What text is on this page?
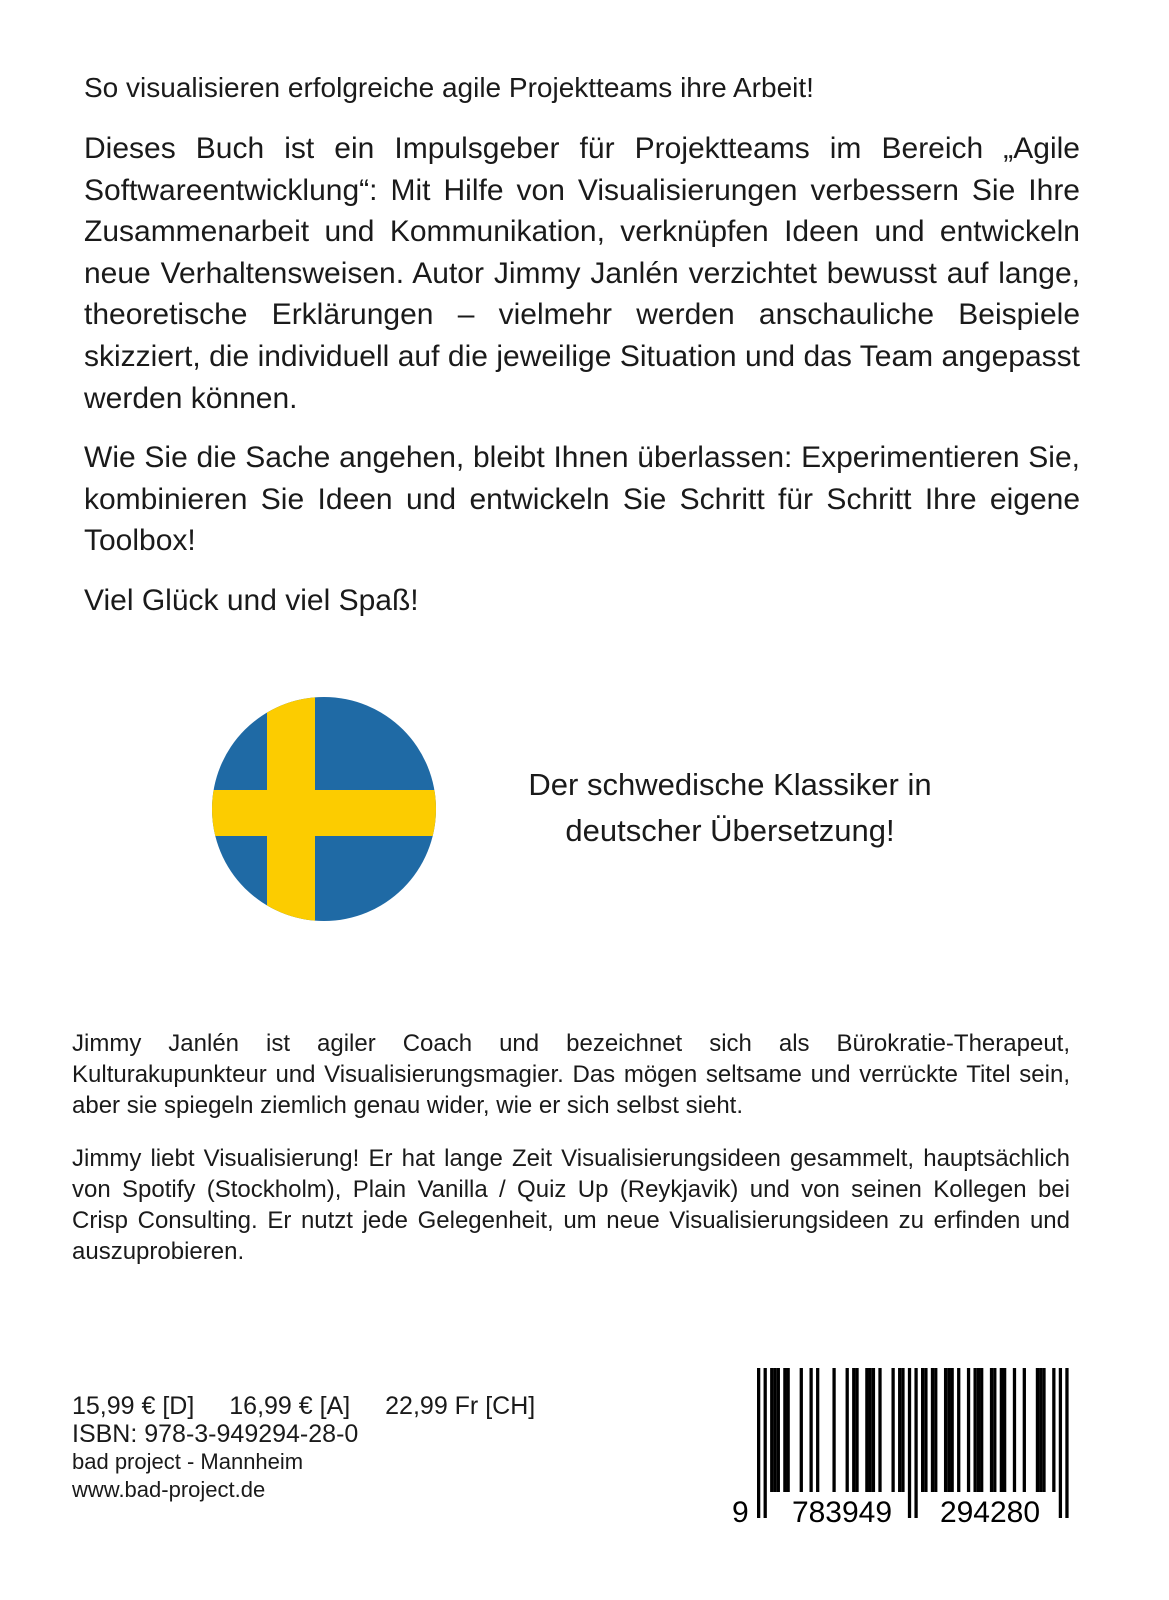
So visualisieren erfolgreiche agile Projektteams ihre Arbeit!

Dieses Buch ist ein Impulsgeber für Projektteams im Bereich „Agile Softwareentwicklung“: Mit Hilfe von Visualisierungen verbessern Sie Ihre Zusammenarbeit und Kommunikation, verknüpfen Ideen und entwickeln neue Verhaltensweisen. Autor Jimmy Janlén verzichtet bewusst auf lange, theoretische Erklärungen – vielmehr werden anschauliche Beispiele skizziert, die individuell auf die jeweilige Situation und das Team angepasst werden können.

Wie Sie die Sache angehen, bleibt Ihnen überlassen: Experimentieren Sie, kombinieren Sie Ideen und entwickeln Sie Schritt für Schritt Ihre eigene Toolbox!

Viel Glück und viel Spaß!

Der schwedische Klassiker in
deutscher Übersetzung!

Jimmy Janlén ist agiler Coach und bezeichnet sich als Bürokratie-Therapeut, Kulturakupunkteur und Visualisierungsmagier. Das mögen seltsame und verrückte Titel sein, aber sie spiegeln ziemlich genau wider, wie er sich selbst sieht.

Jimmy liebt Visualisierung! Er hat lange Zeit Visualisierungsideen gesammelt, hauptsächlich von Spotify (Stockholm), Plain Vanilla / Quiz Up (Reykjavik) und von seinen Kollegen bei Crisp Consulting. Er nutzt jede Gelegenheit, um neue Visualisierungsideen zu erfinden und auszuprobieren.

15,99 € [D] 16,99 € [A] 22,99 Fr [CH]
ISBN: 978-3-949294-28-0
bad project - Mannheim
www.bad-project.de
9 783949 294280
